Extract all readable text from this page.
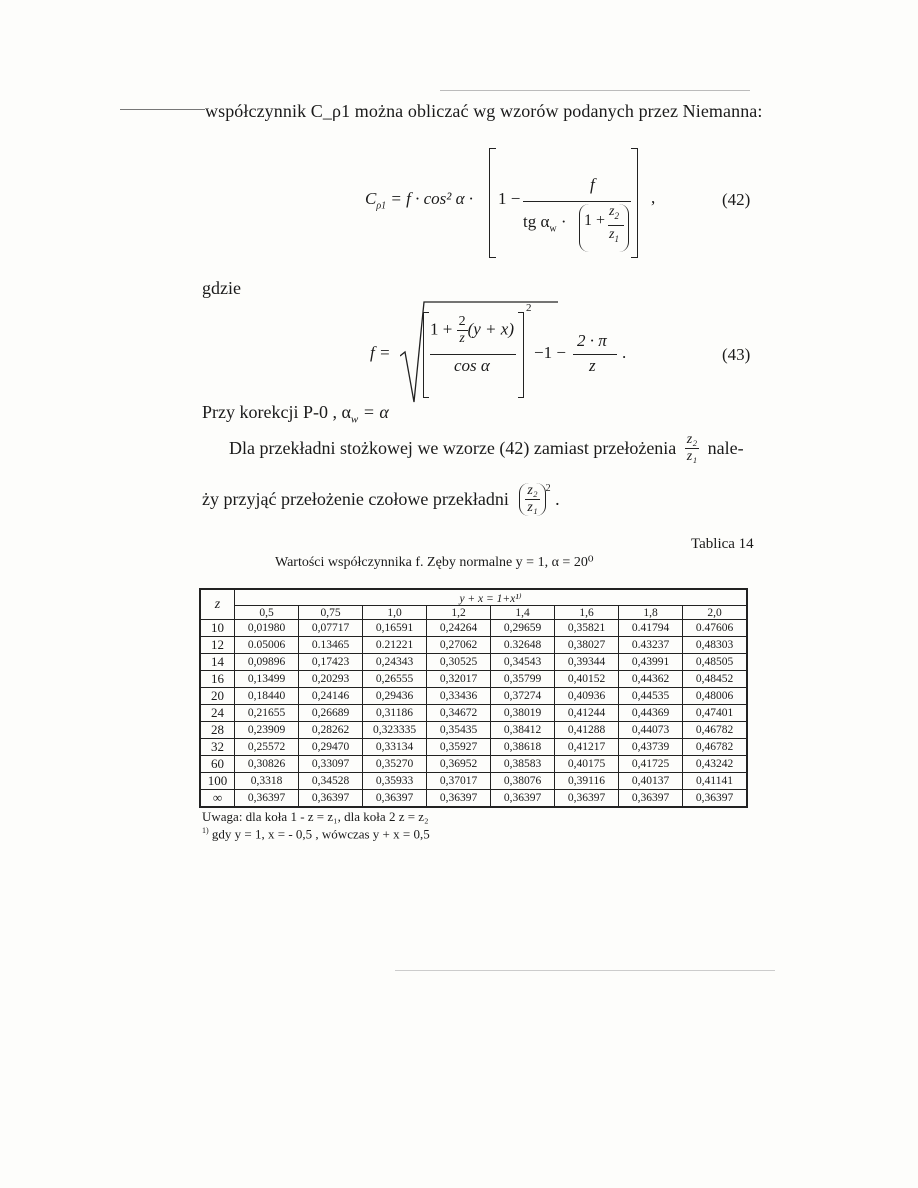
współczynnik C_ρ1 można obliczać wg wzorów podanych przez Niemanna:
$C_{\rho 1} = f \cdot \cos^2$ α · 1 −
f
tg $\alpha_w \cdot 1$ +
$z_2$
$z_1$
,	(42)
gdzie
f =
$1 + \frac{2}{z} (y + x)$
cos α
2
−1 −
2 · π
z
.	(43)
Przy korekcji P-0 , $\alpha_w = \alpha$
Dla przekładni stożkowej we wzorze (42) zamiast przełożenia $\frac{\text{z₂}}{\text{z₁}}$ nale-
ży przyjąć przełożenie czołowe przekładni $\frac{\text{z₂}}{\text{z₁}} ^2$ .
Tablica 14
Wartości współczynnika f. Zęby normalne y = 1, α = 20⁰
z	y + x = 1+x¹⁾							
	0,5	0,75	1,0	1,2	1,4	1,6	1,8	2,0
10	0,01980	0,07717	0,16591	0,24264	0,29659	0,35821	0.41794	0.47606
12	0.05006	0.13465	0.21221	0,27062	0.32648	0,38027	0.43237	0,48303
14	0,09896	0,17423	0,24343	0,30525	0,34543	0,39344	0,43991	0,48505
16	0,13499	0,20293	0,26555	0,32017	0,35799	0,40152	0,44362	0,48452
20	0,18440	0,24146	0,29436	0,33436	0,37274	0,40936	0,44535	0,48006
24	0,21655	0,26689	0,31186	0,34672	0,38019	0,41244	0,44369	0,47401
28	0,23909	0,28262	0,323335	0,35435	0,38412	0,41288	0,44073	0,46782
32	0,25572	0,29470	0,33134	0,35927	0,38618	0,41217	0,43739	0,46782
60	0,30826	0,33097	0,35270	0,36952	0,38583	0,40175	0,41725	0,43242
100	0,3318	0,34528	0,35933	0,37017	0,38076	0,39116	0,40137	0,41141
∞	0,36397	0,36397	0,36397	0,36397	0,36397	0,36397	0,36397	0,36397
Uwaga: dla koła 1 - z = z₁, dla koła 2 z = z₂
$^{1)}$ gdy y = 1, x = - 0,5 , wówczas y + x = 0,5
